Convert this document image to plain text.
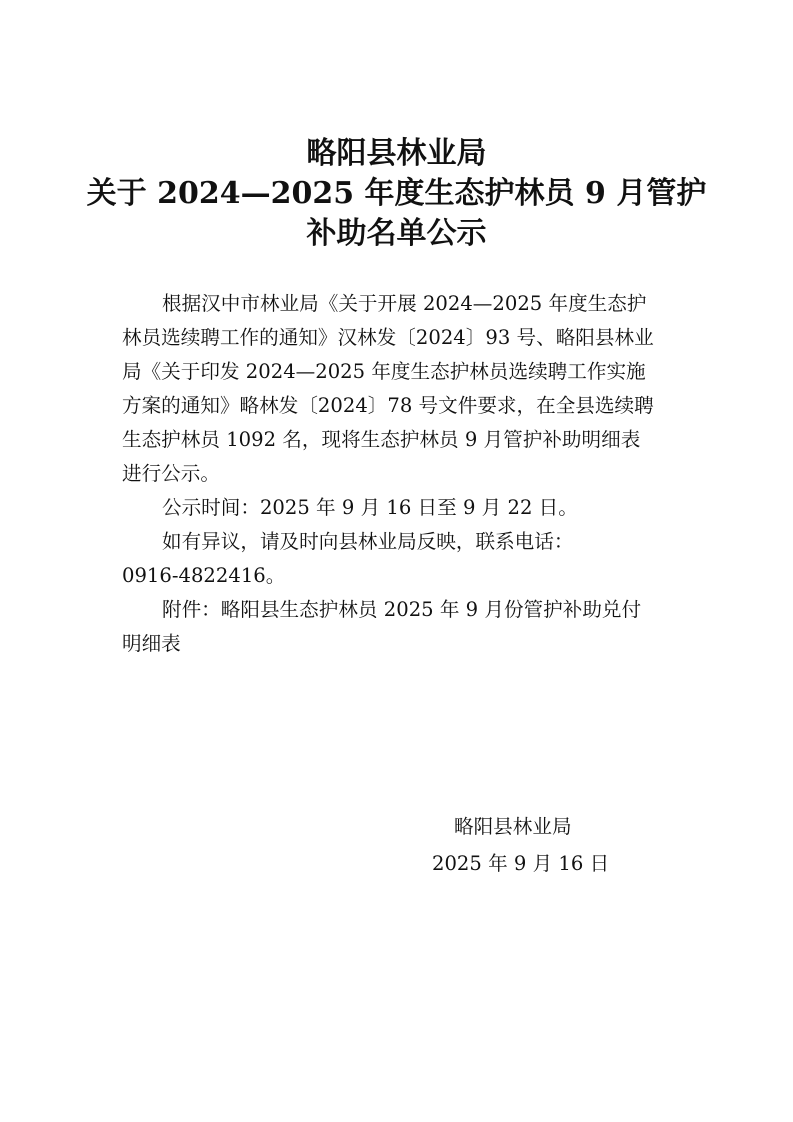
略阳县林业局
关于 2024—2025 年度生态护林员 9 月管护
补助名单公示
根据汉中市林业局《关于开展 2024—2025 年度生态护
林员选续聘工作的通知》汉林发〔2024〕93 号、略阳县林业
局《关于印发 2024—2025 年度生态护林员选续聘工作实施
方案的通知》略林发〔2024〕78 号文件要求，在全县选续聘
生态护林员 1092 名，现将生态护林员 9 月管护补助明细表
进行公示。
公示时间：2025 年 9 月 16 日至 9 月 22 日。
如有异议，请及时向县林业局反映，联系电话：
0916-4822416。
附件：略阳县生态护林员 2025 年 9 月份管护补助兑付
明细表
略阳县林业局
2025 年 9 月 16 日
